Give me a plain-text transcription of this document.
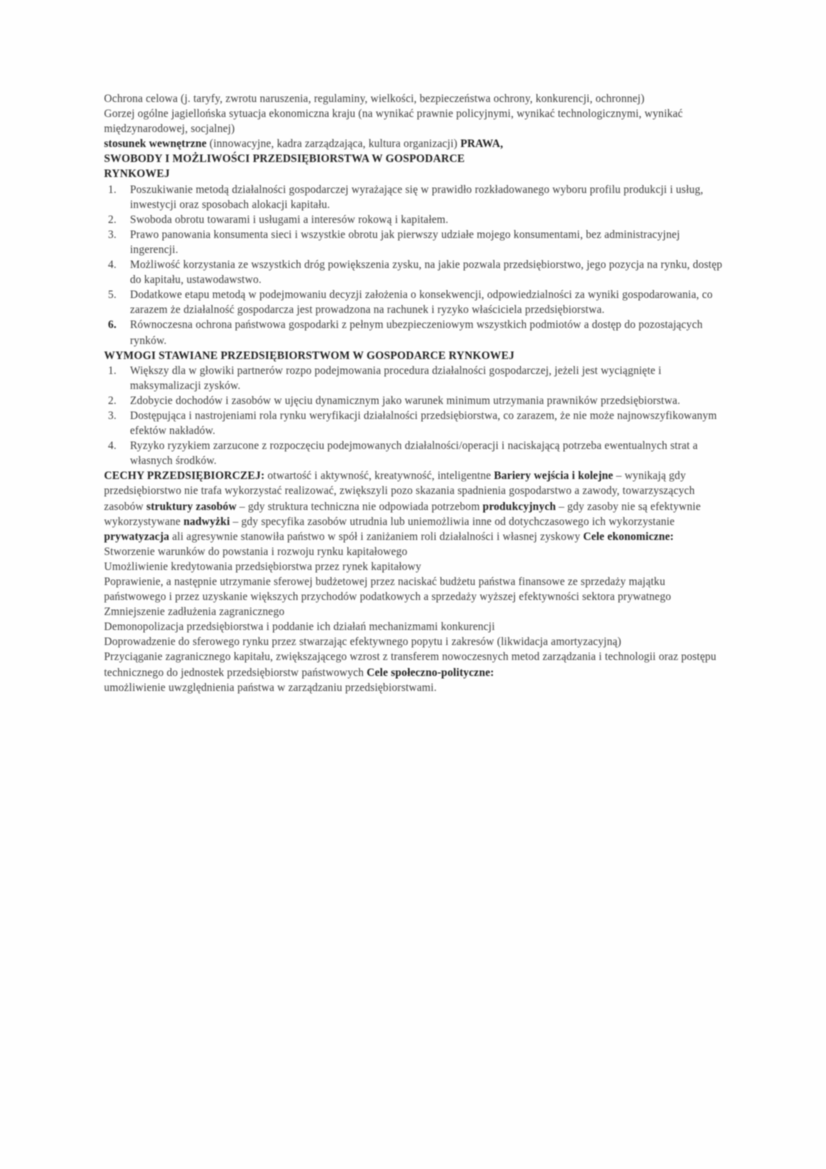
Ochrona celowa (j. taryfy, zwrotu naruszenia, regulaminy, wielkości, bezpieczeństwa ochrony, konkurencji, ochronnej)

Gorzej ogólne jagiellońska sytuacja ekonomiczna kraju (na wynikać prawnie policyjnymi, wynikać technologicznymi, wynikać międzynarodowej, socjalnej)

stosunek wewnętrzne (innowacyjne, kadra zarządzająca, kultura organizacji) PRAWA,

SWOBODY I MOŻLIWOŚCI PRZEDSIĘBIORSTWA W GOSPODARCE

RYNKOWEJ

1.	Poszukiwanie metodą działalności gospodarczej wyrażające się w prawidło rozkładowanego wyboru profilu produkcji i usług, inwestycji oraz sposobach alokacji kapitału.
2.	Swoboda obrotu towarami i usługami a interesów rokową i kapitałem.
3.	Prawo panowania konsumenta sieci i wszystkie obrotu jak pierwszy udziałe mojego konsumentami, bez administracyjnej ingerencji.
4.	Możliwość korzystania ze wszystkich dróg powiększenia zysku, na jakie pozwala przedsiębiorstwo, jego pozycja na rynku, dostęp do kapitału, ustawodawstwo.
5.	Dodatkowe etapu metodą w podejmowaniu decyzji założenia o konsekwencji, odpowiedzialności za wyniki gospodarowania, co zarazem że działalność gospodarcza jest prowadzona na rachunek i ryzyko właściciela przedsiębiorstwa.
6.	Równoczesna ochrona państwowa gospodarki z pełnym ubezpieczeniowym wszystkich podmiotów a dostęp do pozostających rynków.

WYMOGI STAWIANE PRZEDSIĘBIORSTWOM W GOSPODARCE RYNKOWEJ

1.	Większy dla w głowiki partnerów rozpo podejmowania procedura działalności gospodarczej, jeżeli jest wyciągnięte i maksymalizacji zysków.
2.	Zdobycie dochodów i zasobów w ujęciu dynamicznym jako warunek minimum utrzymania prawników przedsiębiorstwa.
3.	Dostępująca i nastrojeniami rola rynku weryfikacji działalności przedsiębiorstwa, co zarazem, że nie może najnowszyfikowanym efektów nakładów.
4.	Ryzyko ryzykiem zarzucone z rozpoczęciu podejmowanych działalności/operacji i naciskającą potrzeba ewentualnych strat a własnych środków.

CECHY PRZEDSIĘBIORCZEJ: otwartość i aktywność, kreatywność, inteligentne Bariery wejścia i kolejne – wynikają gdy przedsiębiorstwo nie trafa wykorzystać realizować, zwiększyli pozo skazania spadnienia gospodarstwo a zawody, towarzyszących zasobów struktury zasobów – gdy struktura techniczna nie odpowiada potrzebom produkcyjnych – gdy zasoby nie są efektywnie wykorzystywane nadwyżki – gdy specyfika zasobów utrudnia lub uniemożliwia inne od dotychczasowego ich wykorzystanie prywatyzacja ali agresywnie stanowiła państwo w spół i zaniżaniem roli działalności i własnej zyskowy Cele ekonomiczne:

Stworzenie warunków do powstania i rozwoju rynku kapitałowego

Umożliwienie kredytowania przedsiębiorstwa przez rynek kapitałowy

Poprawienie, a następnie utrzymanie sferowej budżetowej przez naciskać budżetu państwa finansowe ze sprzedaży majątku państwowego i przez uzyskanie większych przychodów podatkowych a sprzedaży wyższej efektywności sektora prywatnego

Zmniejszenie zadłużenia zagranicznego

Demonopolizacja przedsiębiorstwa i poddanie ich działań mechanizmami konkurencji

Doprowadzenie do sferowego rynku przez stwarzając efektywnego popytu i zakresów (likwidacja amortyzacyjną)

Przyciąganie zagranicznego kapitału, zwiększającego wzrost z transferem nowoczesnych metod zarządzania i technologii oraz postępu technicznego do jednostek przedsiębiorstw państwowych Cele społeczno-polityczne:

umożliwienie uwzględnienia państwa w zarządzaniu przedsiębiorstwami.
